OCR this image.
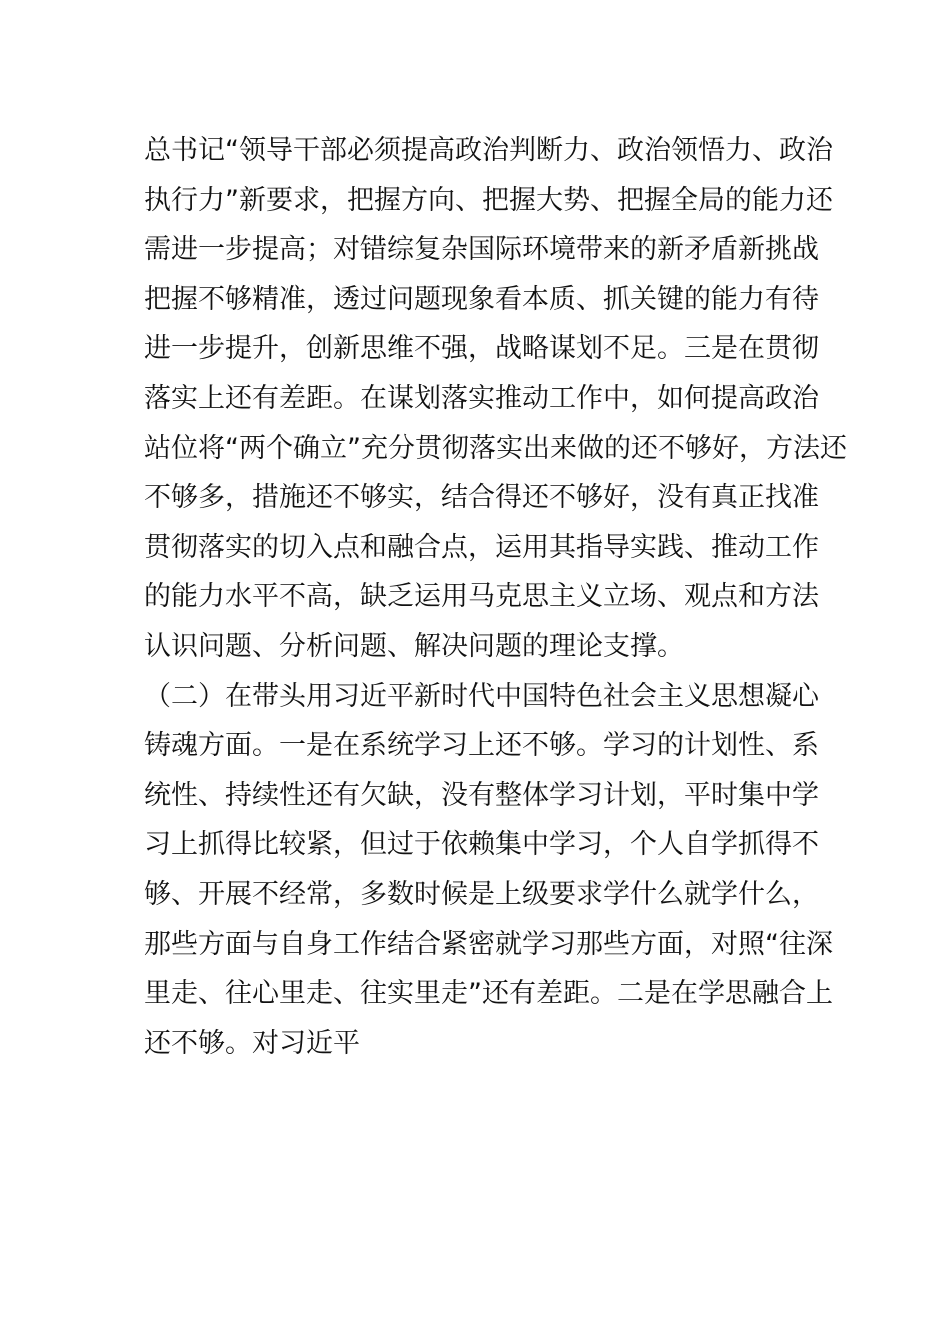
总书记“领导干部必须提高政治判断力、政治领悟力、政治
执行力”新要求，把握方向、把握大势、把握全局的能力还
需进一步提高；对错综复杂国际环境带来的新矛盾新挑战
把握不够精准，透过问题现象看本质、抓关键的能力有待
进一步提升，创新思维不强，战略谋划不足。三是在贯彻
落实上还有差距。在谋划落实推动工作中，如何提高政治
站位将“两个确立”充分贯彻落实出来做的还不够好，方法还
不够多，措施还不够实，结合得还不够好，没有真正找准
贯彻落实的切入点和融合点，运用其指导实践、推动工作
的能力水平不高，缺乏运用马克思主义立场、观点和方法
认识问题、分析问题、解决问题的理论支撑。
（二）在带头用习近平新时代中国特色社会主义思想凝心
铸魂方面。一是在系统学习上还不够。学习的计划性、系
统性、持续性还有欠缺，没有整体学习计划，平时集中学
习上抓得比较紧，但过于依赖集中学习，个人自学抓得不
够、开展不经常，多数时候是上级要求学什么就学什么，
那些方面与自身工作结合紧密就学习那些方面，对照“往深
里走、往心里走、往实里走”还有差距。二是在学思融合上
还不够。对习近平
